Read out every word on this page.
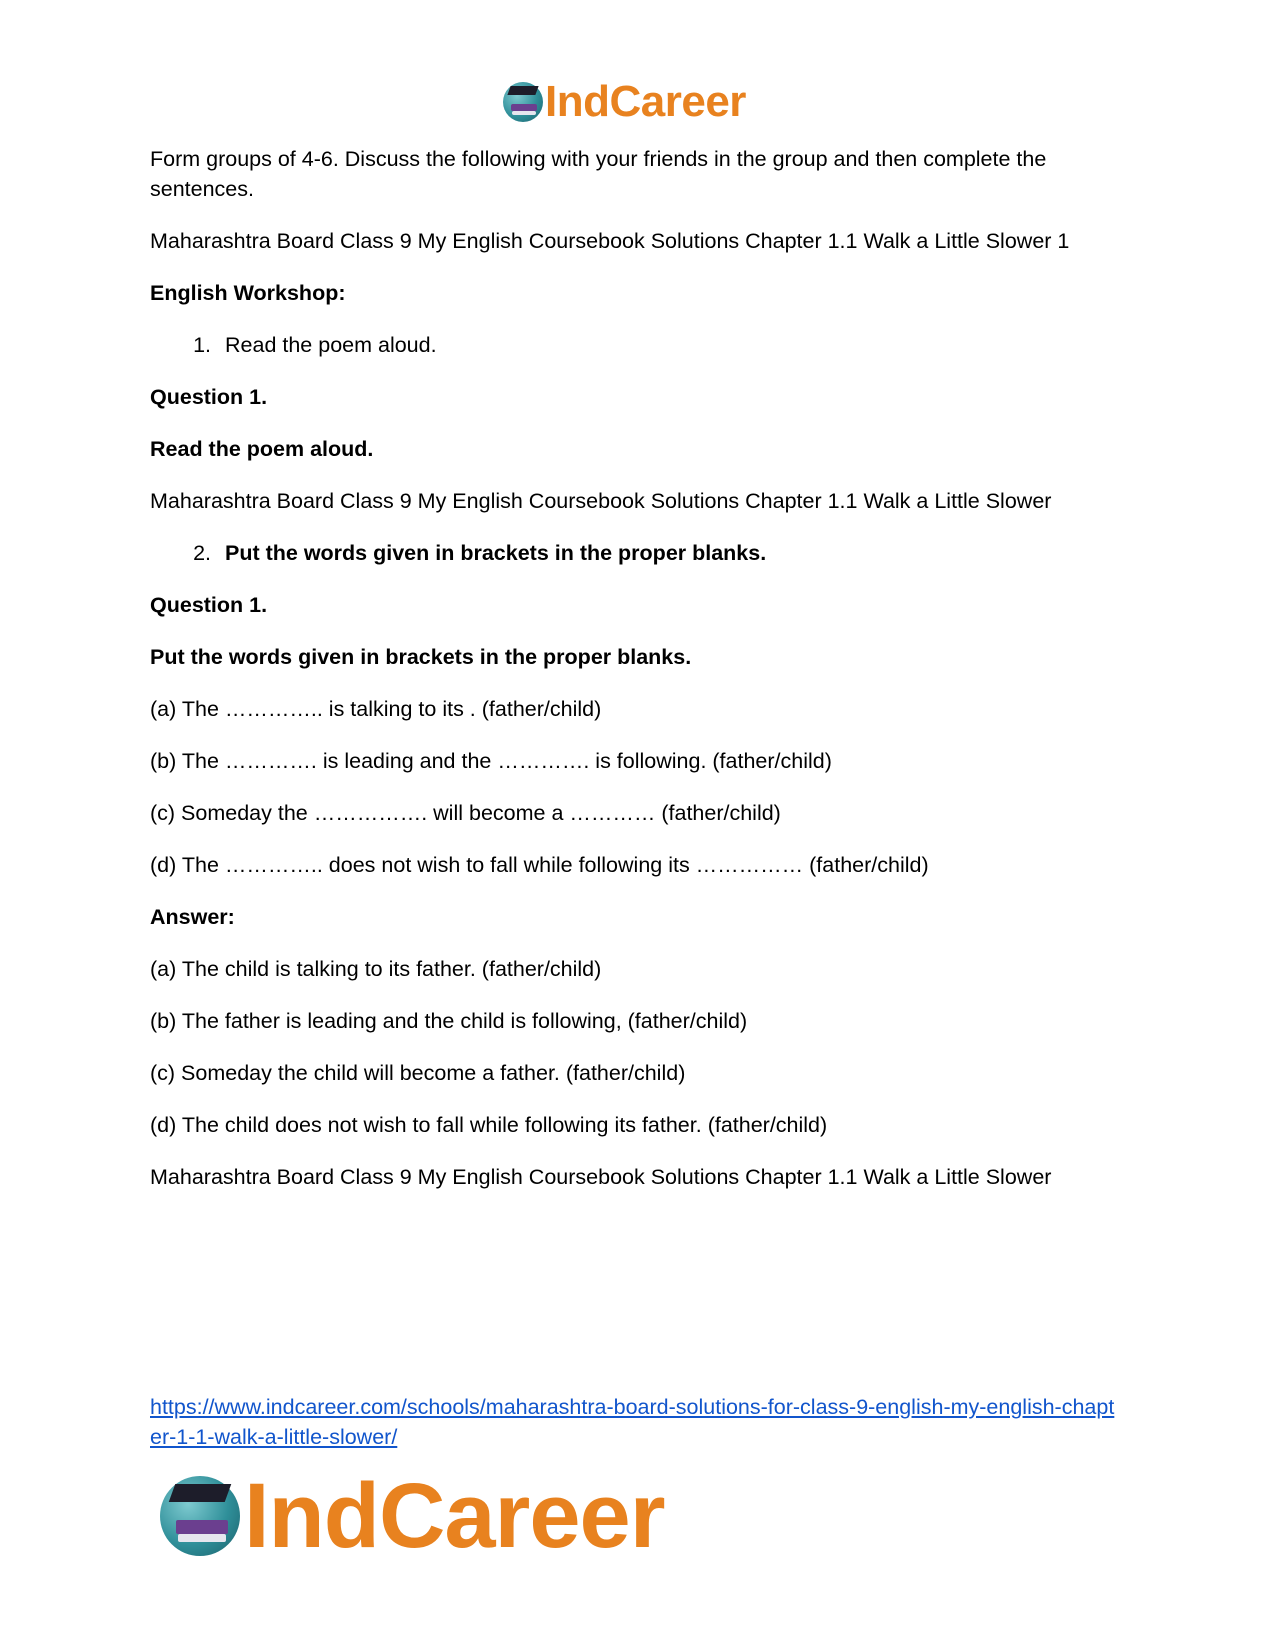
IndCareer

Form groups of 4-6. Discuss the following with your friends in the group and then complete the sentences.

Maharashtra Board Class 9 My English Coursebook Solutions Chapter 1.1 Walk a Little Slower 1

English Workshop:

1. Read the poem aloud.

Question 1.

Read the poem aloud.

Maharashtra Board Class 9 My English Coursebook Solutions Chapter 1.1 Walk a Little Slower

2. Put the words given in brackets in the proper blanks.

Question 1.

Put the words given in brackets in the proper blanks.

(a) The ………….. is talking to its . (father/child)

(b) The …………. is leading and the …………. is following. (father/child)

(c) Someday the ……………. will become a ………… (father/child)

(d) The ………….. does not wish to fall while following its …………… (father/child)

Answer:

(a) The child is talking to its father. (father/child)

(b) The father is leading and the child is following, (father/child)

(c) Someday the child will become a father. (father/child)

(d) The child does not wish to fall while following its father. (father/child)

Maharashtra Board Class 9 My English Coursebook Solutions Chapter 1.1 Walk a Little Slower

https://www.indcareer.com/schools/maharashtra-board-solutions-for-class-9-english-my-english-chapter-1-1-walk-a-little-slower/
IndCareer
